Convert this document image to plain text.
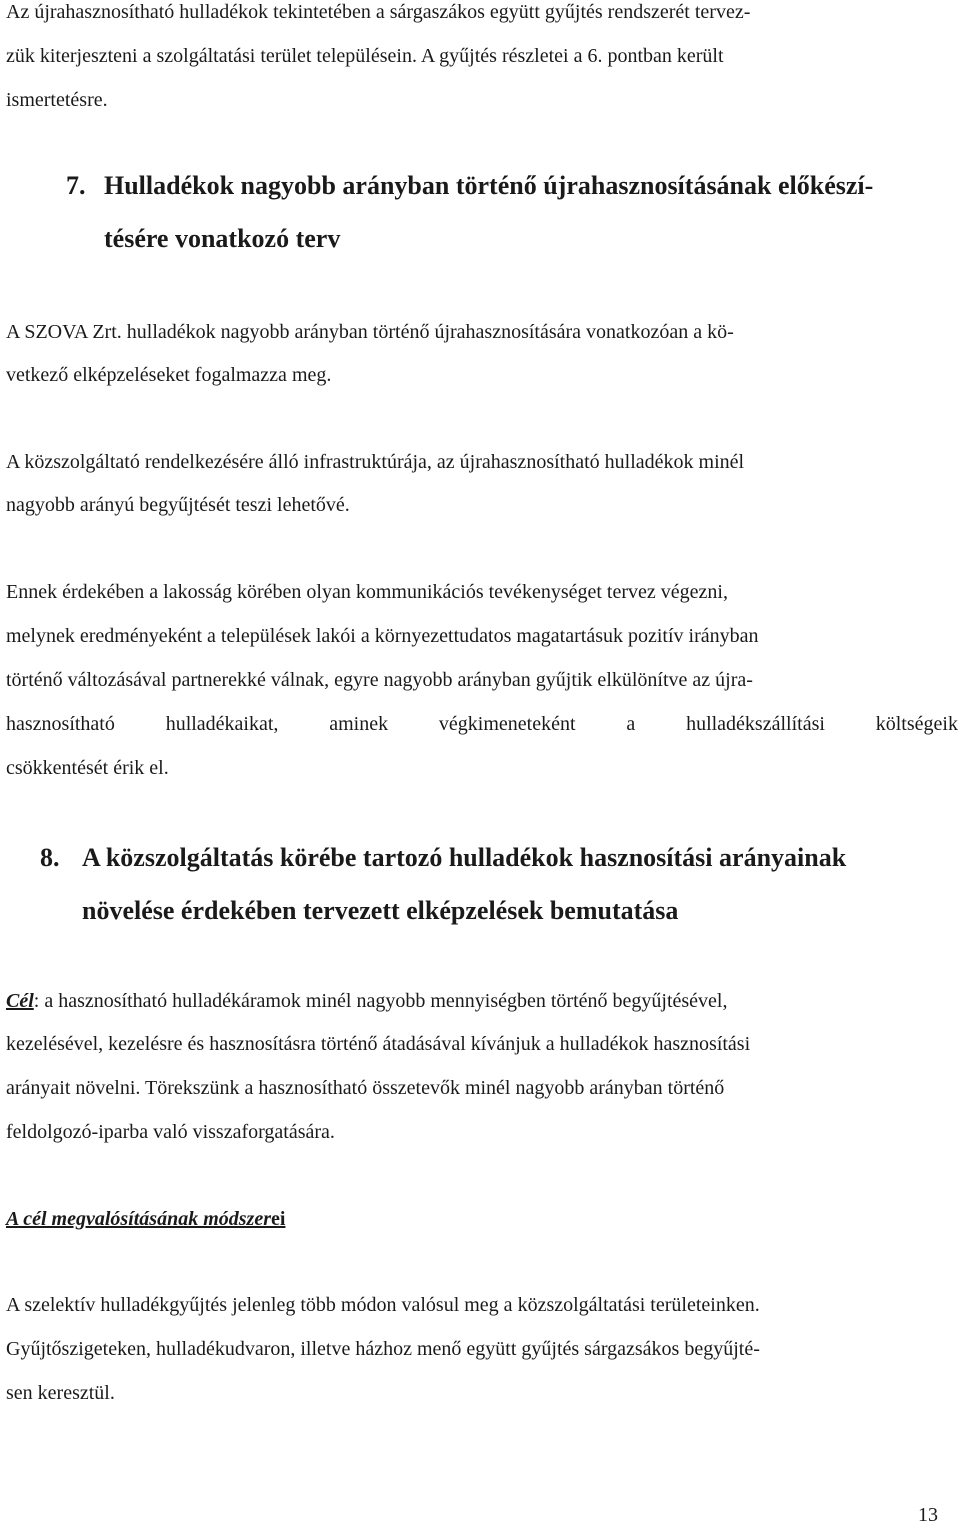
Az újrahasznosítható hulladékok tekintetében a sárgaszákos együtt gyűjtés rendszerét tervez-
zük kiterjeszteni a szolgáltatási terület településein. A gyűjtés részletei a 6. pontban került
ismertetésre.
7. Hulladékok nagyobb arányban történő újrahasznosításának előkészí-
tésére vonatkozó terv
A SZOVA Zrt. hulladékok nagyobb arányban történő újrahasznosítására vonatkozóan a kö-
vetkező elképzeléseket fogalmazza meg.
A közszolgáltató rendelkezésére álló infrastruktúrája, az újrahasznosítható hulladékok minél
nagyobb arányú begyűjtését teszi lehetővé.
Ennek érdekében a lakosság körében olyan kommunikációs tevékenységet tervez végezni,
melynek eredményeként a települések lakói a környezettudatos magatartásuk pozitív irányban
történő változásával partnerekké válnak, egyre nagyobb arányban gyűjtik elkülönítve az újra-
hasznosítható	hulladékaikat,	aminek	végkimeneteként	a	hulladékszállítási	költségeik
csökkentését érik el.
8. A közszolgáltatás körébe tartozó hulladékok hasznosítási arányainak
növelése érdekében tervezett elképzelések bemutatása
Cél: a hasznosítható hulladékáramok minél nagyobb mennyiségben történő begyűjtésével,
kezelésével, kezelésre és hasznosításra történő átadásával kívánjuk a hulladékok hasznosítási
arányait növelni. Törekszünk a hasznosítható összetevők minél nagyobb arányban történő
feldolgozó-iparba való visszaforgatására.
A cél megvalósításának módszerei
A szelektív hulladékgyűjtés jelenleg több módon valósul meg a közszolgáltatási területeinken.
Gyűjtőszigeteken, hulladékudvaron, illetve házhoz menő együtt gyűjtés sárgazsákos begyűjté-
sen keresztül.
13
